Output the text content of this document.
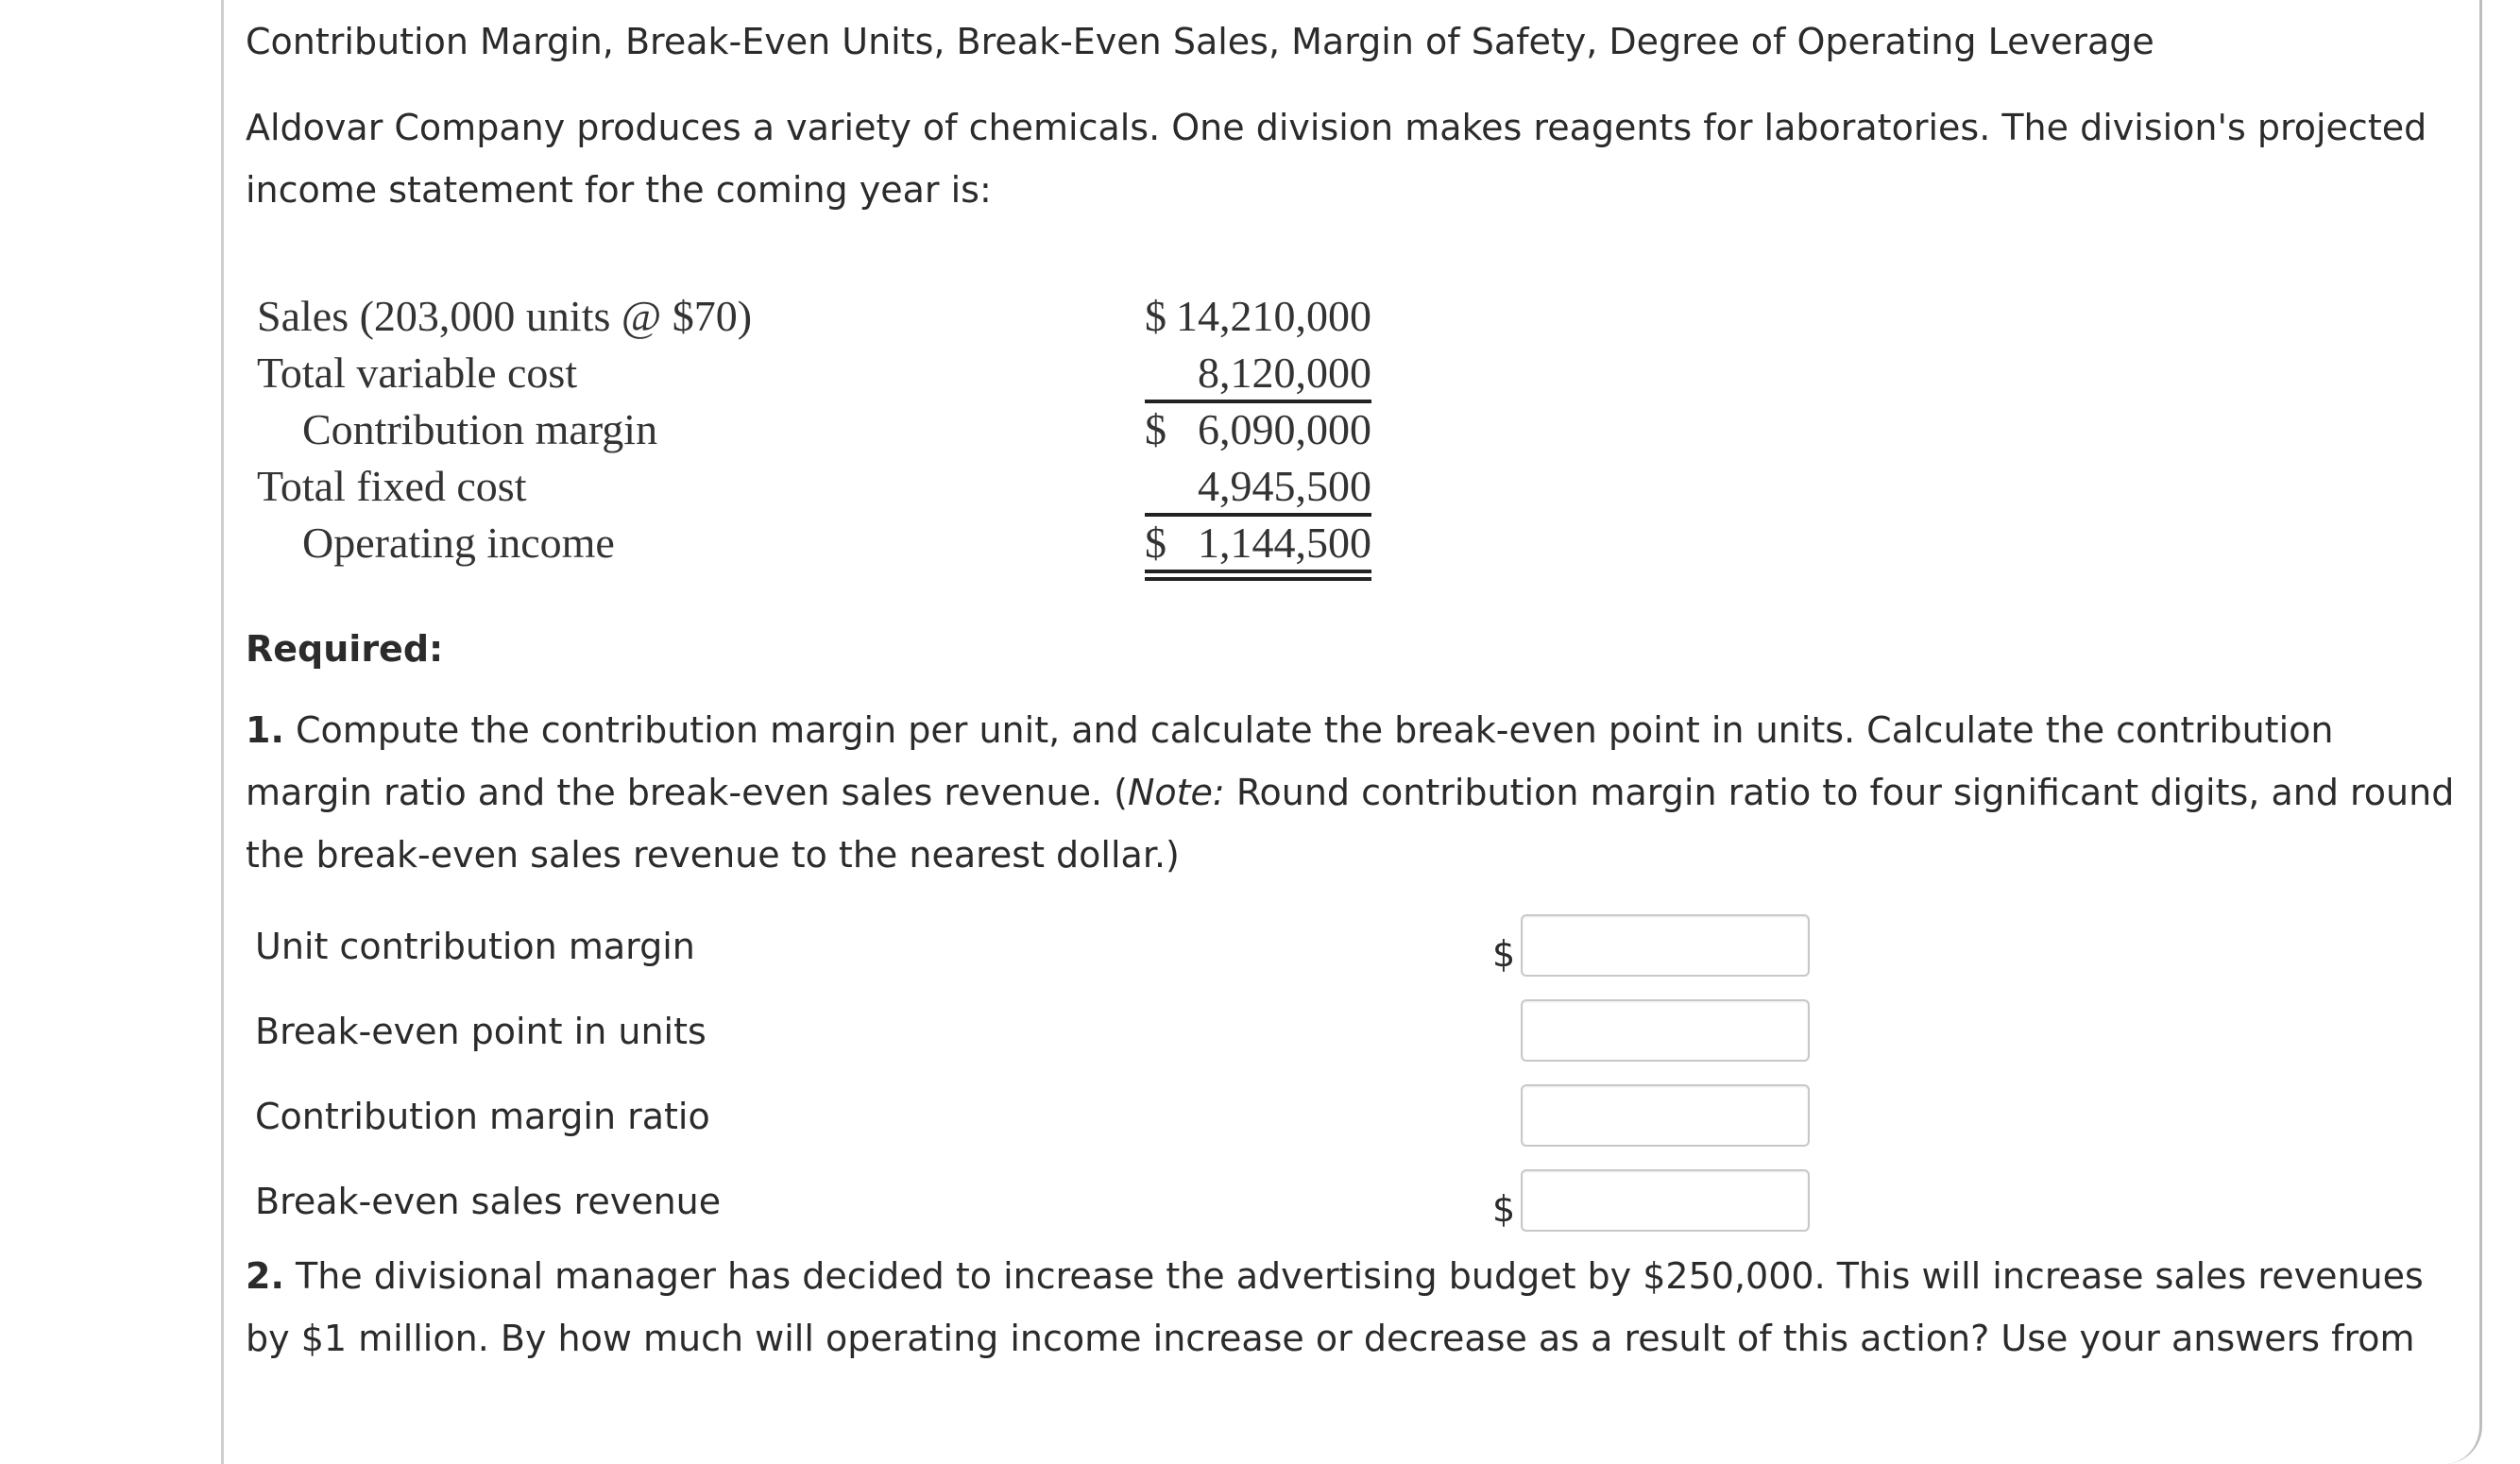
Contribution Margin, Break-Even Units, Break-Even Sales, Margin of Safety, Degree of Operating Leverage
Aldovar Company produces a variety of chemicals. One division makes reagents for laboratories. The division's projected income statement for the coming year is:
Sales (203,000 units @ $70)	$ 14,210,000
Total variable cost	8,120,000
Contribution margin	$ 6,090,000
Total fixed cost	4,945,500
Operating income	$ 1,144,500
Required:
1. Compute the contribution margin per unit, and calculate the break-even point in units. Calculate the contribution margin ratio and the break-even sales revenue. (Note: Round contribution margin ratio to four significant digits, and round the break-even sales revenue to the nearest dollar.)
Unit contribution margin	$
Break-even point in units
Contribution margin ratio
Break-even sales revenue	$
2. The divisional manager has decided to increase the advertising budget by $250,000. This will increase sales revenues by $1 million. By how much will operating income increase or decrease as a result of this action? Use your answers from
